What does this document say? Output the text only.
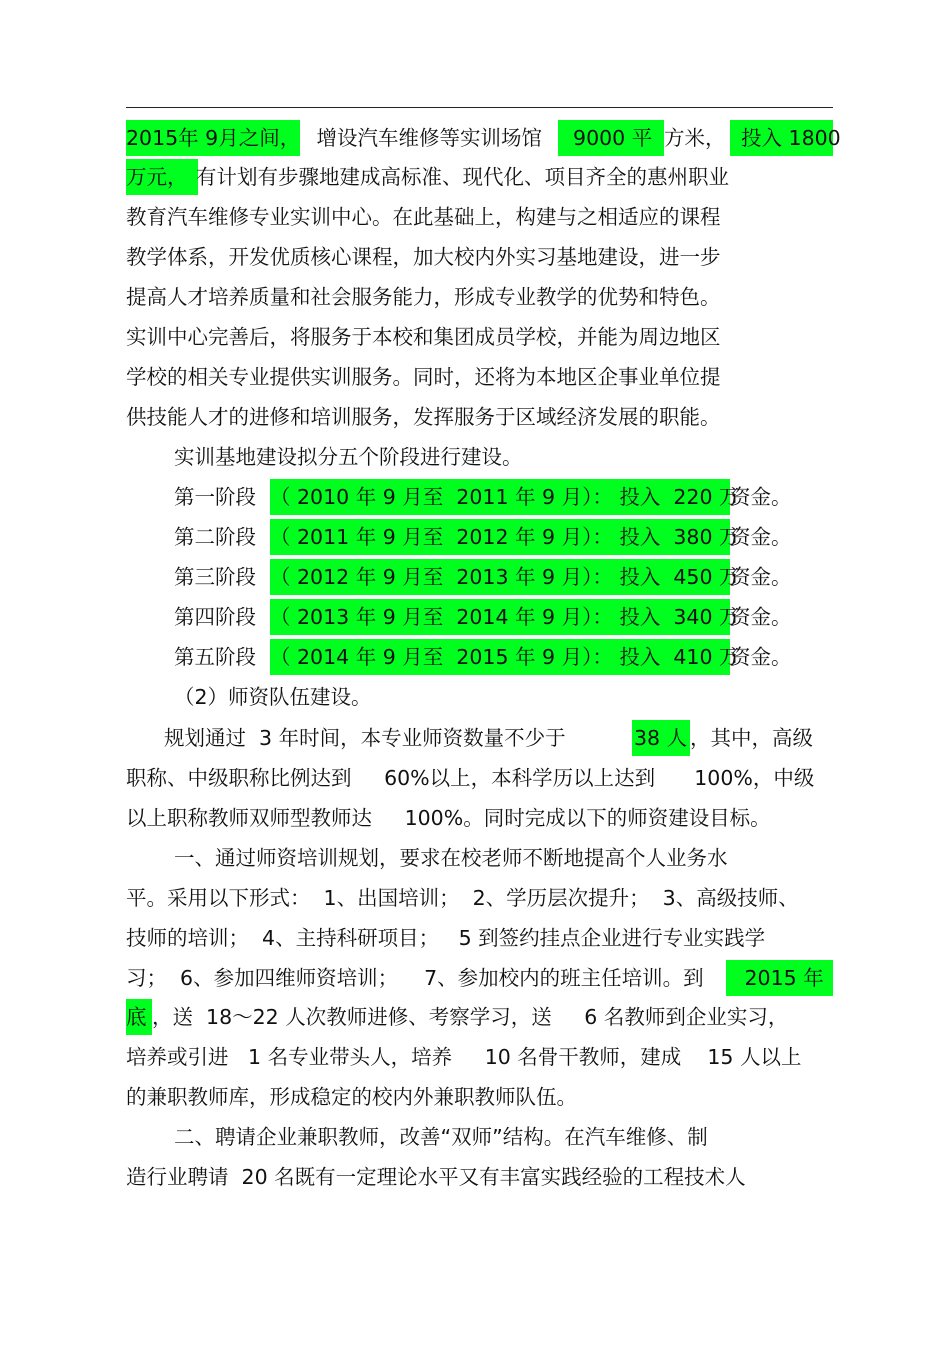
2015年 9月之间， 增设汽车维修等实训场馆 9000 平 方米， 投入 1800
万元， 有计划有步骤地建成高标准、现代化、项目齐全的惠州职业
教育汽车维修专业实训中心。在此基础上，构建与之相适应的课程
教学体系，开发优质核心课程，加大校内外实习基地建设，进一步
提高人才培养质量和社会服务能力，形成专业教学的优势和特色。
实训中心完善后，将服务于本校和集团成员学校，并能为周边地区
学校的相关专业提供实训服务。同时，还将为本地区企事业单位提
供技能人才的进修和培训服务，发挥服务于区域经济发展的职能。
实训基地建设拟分五个阶段进行建设。
第一阶段 （ 2010 年 9 月至  2011 年 9 月）： 投入  220 万
资金。
第二阶段 （ 2011 年 9 月至  2012 年 9 月）： 投入  380 万
资金。
第三阶段 （ 2012 年 9 月至  2013 年 9 月）： 投入  450 万
资金。
第四阶段 （ 2013 年 9 月至  2014 年 9 月）： 投入  340 万
资金。
第五阶段 （ 2014 年 9 月至  2015 年 9 月）： 投入  410 万
资金。
（2）师资队伍建设。
规划通过  3 年时间，本专业师资数量不少于	38 人 ，其中，高级
职称、中级职称比例达到     60%以上，本科学历以上达到      100%，中级
以上职称教师双师型教师达     100%。同时完成以下的师资建设目标。
一、通过师资培训规划，要求在校老师不断地提高个人业务水
平。采用以下形式：  1、出国培训；  2、学历层次提升；  3、高级技师、
技师的培训；  4、主持科研项目；   5 到签约挂点企业进行专业实践学
习；  6、参加四维师资培训；    7、参加校内的班主任培训。到 2015 年
底 ，送  18～22 人次教师进修、考察学习，送     6 名教师到企业实习，
培养或引进   1 名专业带头人，培养     10 名骨干教师，建成    15 人以上
的兼职教师库，形成稳定的校内外兼职教师队伍。
二、聘请企业兼职教师，改善“双师”结构。在汽车维修、制
造行业聘请  20 名既有一定理论水平又有丰富实践经验的工程技术人
